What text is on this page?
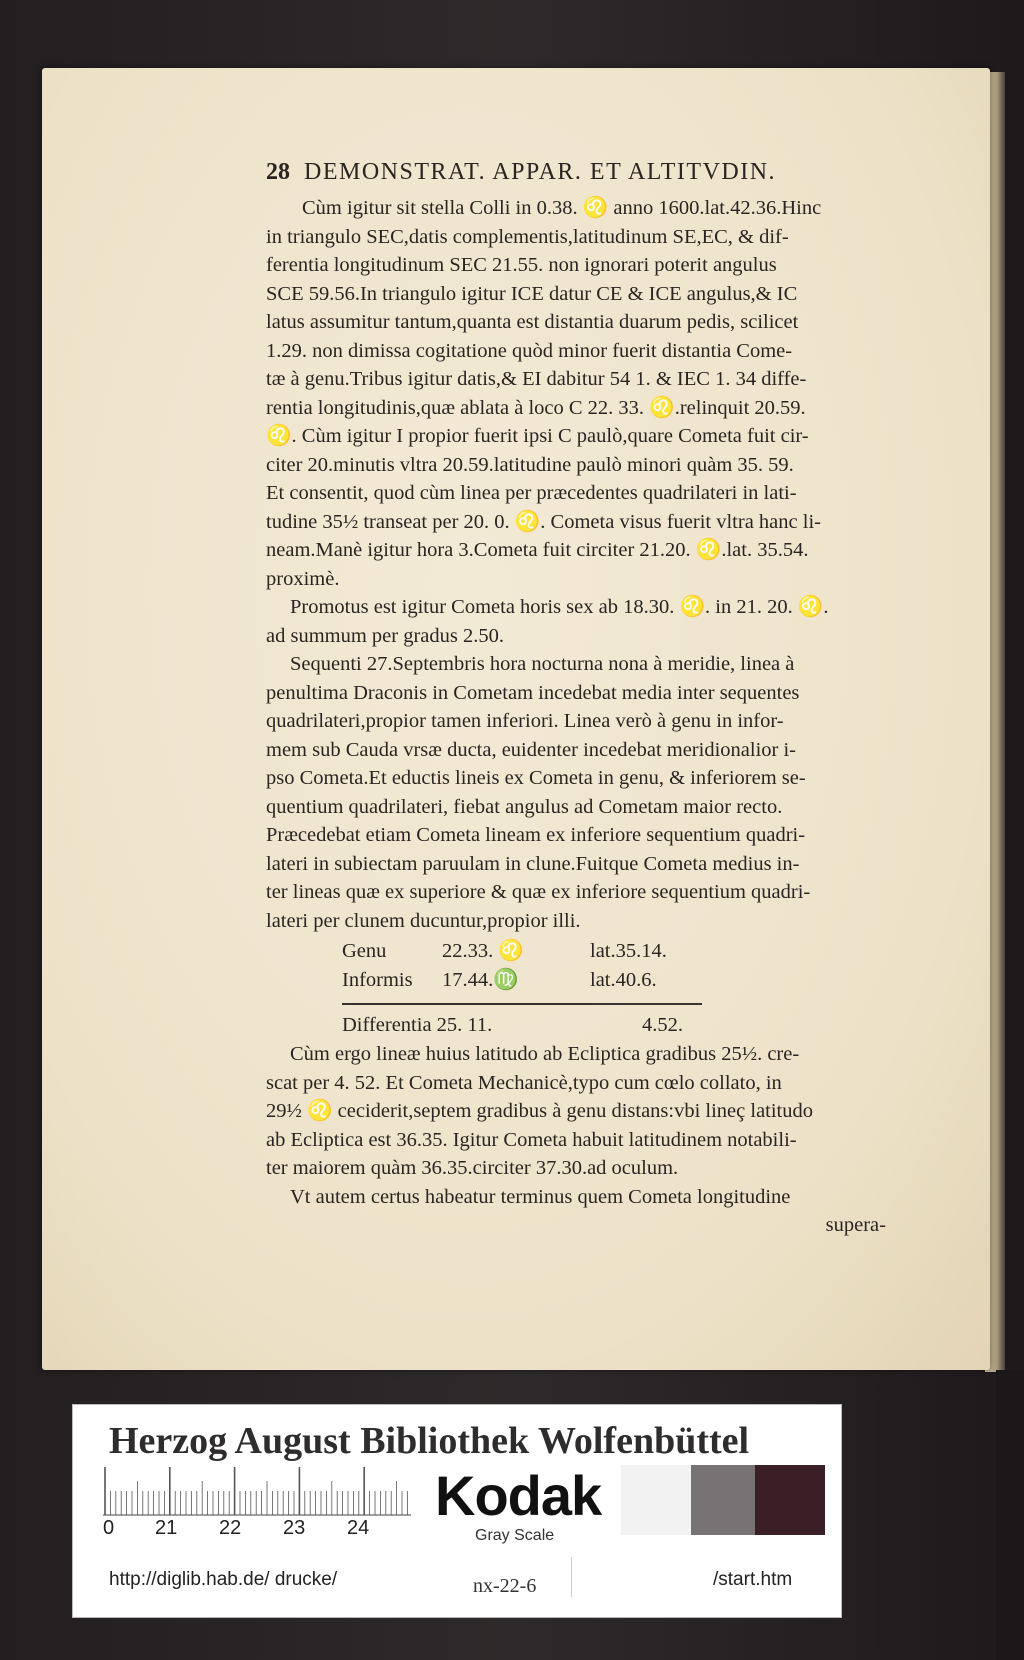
28 DEMONSTRAT. APPAR. ET ALTITVDIN.
Cùm igitur sit stella Colli in 0.38. ♌ anno 1600.lat.42.36.Hinc
in triangulo SEC,datis complementis,latitudinum SE,EC, & dif-
ferentia longitudinum SEC 21.55. non ignorari poterit angulus
SCE 59.56.In triangulo igitur ICE datur CE & ICE angulus,& IC
latus assumitur tantum,quanta est distantia duarum pedis, scilicet
1.29. non dimissa cogitatione quòd minor fuerit distantia Come-
tæ à genu.Tribus igitur datis,& EI dabitur 54 1. & IEC 1. 34 diffe-
rentia longitudinis,quæ ablata à loco C 22. 33. ♌.relinquit 20.59.
♌. Cùm igitur I propior fuerit ipsi C paulò,quare Cometa fuit cir-
citer 20.minutis vltra 20.59.latitudine paulò minori quàm 35. 59.
Et consentit, quod cùm linea per præcedentes quadrilateri in lati-
tudine 35½ transeat per 20. 0. ♌. Cometa visus fuerit vltra hanc li-
neam.Manè igitur hora 3.Cometa fuit circiter 21.20. ♌.lat. 35.54.
proximè.
Promotus est igitur Cometa horis sex ab 18.30. ♌. in 21. 20. ♌.
ad summum per gradus 2.50.
Sequenti 27.Septembris hora nocturna nona à meridie, linea à
penultima Draconis in Cometam incedebat media inter sequentes
quadrilateri,propior tamen inferiori. Linea verò à genu in infor-
mem sub Cauda vrsæ ducta, euidenter incedebat meridionalior i-
pso Cometa.Et eductis lineis ex Cometa in genu, & inferiorem se-
quentium quadrilateri, fiebat angulus ad Cometam maior recto.
Præcedebat etiam Cometa lineam ex inferiore sequentium quadri-
lateri in subiectam paruulam in clune.Fuitque Cometa medius in-
ter lineas quæ ex superiore & quæ ex inferiore sequentium quadri-
lateri per clunem ducuntur,propior illi.
Genu	22.33. ♌	lat.35.14.
Informis	17.44.♍	lat.40.6.
Differentia 25. 11.	4.52.
Cùm ergo lineæ huius latitudo ab Ecliptica gradibus 25½. cre-
scat per 4. 52. Et Cometa Mechanicè,typo cum cœlo collato, in
29½ ♌ ceciderit,septem gradibus à genu distans:vbi lineç latitudo
ab Ecliptica est 36.35. Igitur Cometa habuit latitudinem notabili-
ter maiorem quàm 36.35.circiter 37.30.ad oculum.
Vt autem certus habeatur terminus quem Cometa longitudine
supera-
Herzog August Bibliothek Wolfenbüttel
0 21 22 23 24
Kodak
Gray Scale
http://diglib.hab.de/ drucke/	nx-22-6	/start.htm
